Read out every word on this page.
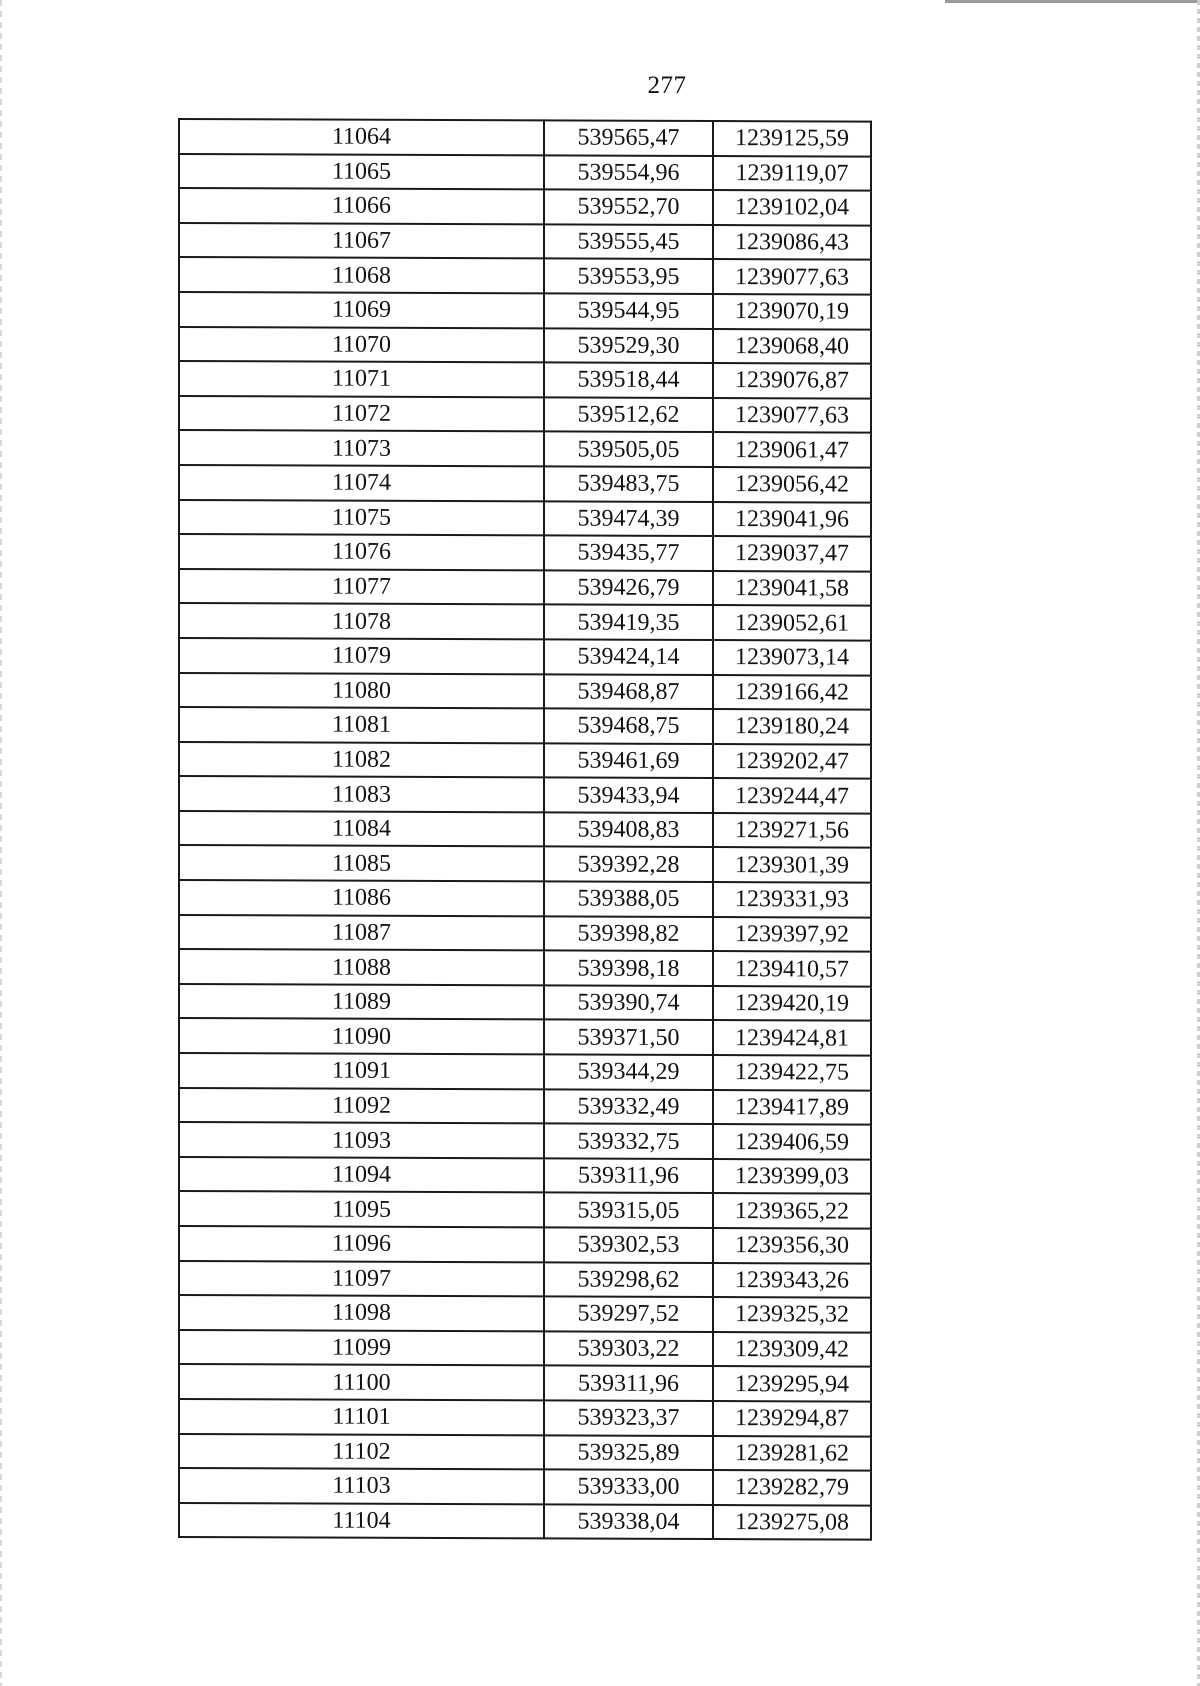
277
11064	539565,47	1239125,59
11065	539554,96	1239119,07
11066	539552,70	1239102,04
11067	539555,45	1239086,43
11068	539553,95	1239077,63
11069	539544,95	1239070,19
11070	539529,30	1239068,40
11071	539518,44	1239076,87
11072	539512,62	1239077,63
11073	539505,05	1239061,47
11074	539483,75	1239056,42
11075	539474,39	1239041,96
11076	539435,77	1239037,47
11077	539426,79	1239041,58
11078	539419,35	1239052,61
11079	539424,14	1239073,14
11080	539468,87	1239166,42
11081	539468,75	1239180,24
11082	539461,69	1239202,47
11083	539433,94	1239244,47
11084	539408,83	1239271,56
11085	539392,28	1239301,39
11086	539388,05	1239331,93
11087	539398,82	1239397,92
11088	539398,18	1239410,57
11089	539390,74	1239420,19
11090	539371,50	1239424,81
11091	539344,29	1239422,75
11092	539332,49	1239417,89
11093	539332,75	1239406,59
11094	539311,96	1239399,03
11095	539315,05	1239365,22
11096	539302,53	1239356,30
11097	539298,62	1239343,26
11098	539297,52	1239325,32
11099	539303,22	1239309,42
11100	539311,96	1239295,94
11101	539323,37	1239294,87
11102	539325,89	1239281,62
11103	539333,00	1239282,79
11104	539338,04	1239275,08
